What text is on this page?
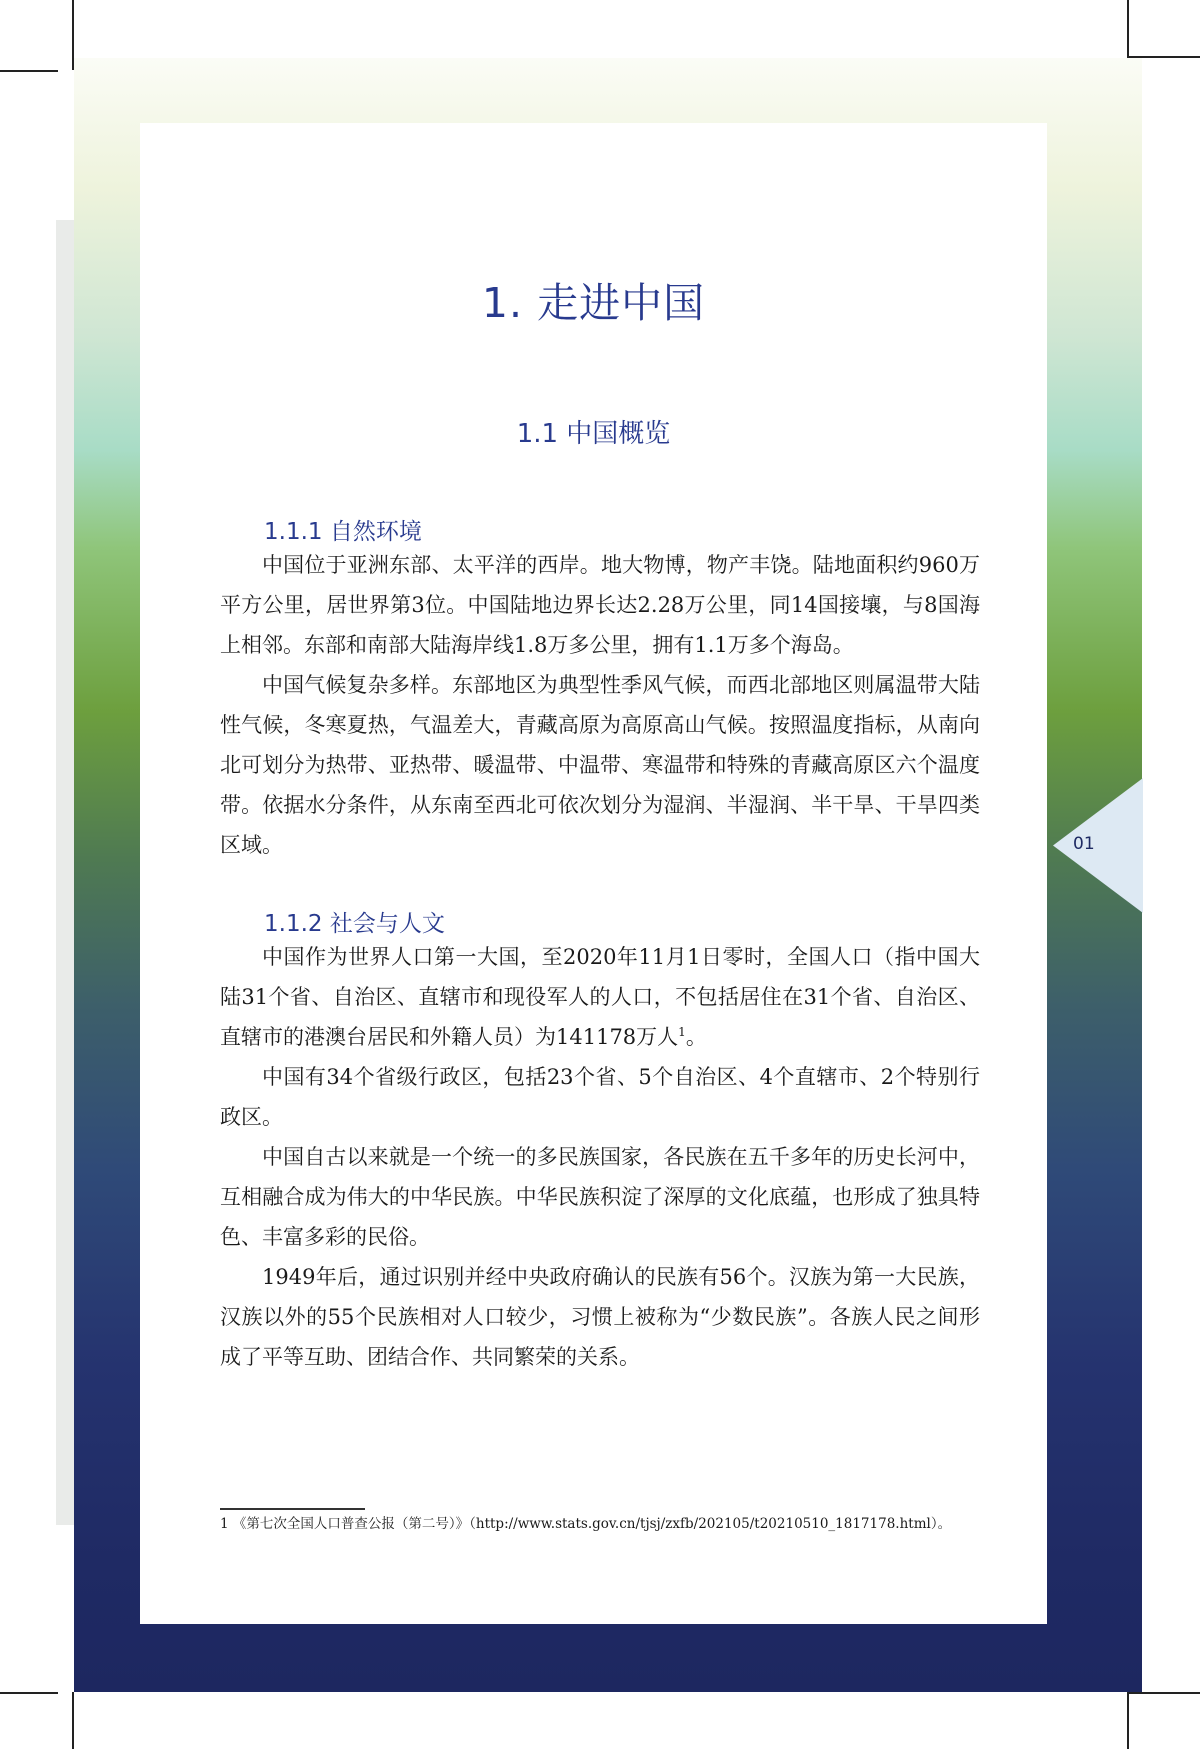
01
1. 走进中国
1.1 中国概览
1.1.1 自然环境

中国位于亚洲东部、太平洋的西岸。地大物博，物产丰饶。陆地面积约960万平方公里，居世界第3位。中国陆地边界长达2.28万公里，同14国接壤，与8国海上相邻。东部和南部大陆海岸线1.8万多公里，拥有1.1万多个海岛。

中国气候复杂多样。东部地区为典型性季风气候，而西北部地区则属温带大陆性气候，冬寒夏热，气温差大，青藏高原为高原高山气候。按照温度指标，从南向北可划分为热带、亚热带、暖温带、中温带、寒温带和特殊的青藏高原区六个温度带。依据水分条件，从东南至西北可依次划分为湿润、半湿润、半干旱、干旱四类区域。

1.1.2 社会与人文

中国作为世界人口第一大国，至2020年11月1日零时，全国人口（指中国大陆31个省、自治区、直辖市和现役军人的人口，不包括居住在31个省、自治区、直辖市的港澳台居民和外籍人员）为141178万人$^1$。

中国有34个省级行政区，包括23个省、5个自治区、4个直辖市、2个特别行政区。

中国自古以来就是一个统一的多民族国家，各民族在五千多年的历史长河中，互相融合成为伟大的中华民族。中华民族积淀了深厚的文化底蕴，也形成了独具特色、丰富多彩的民俗。

1949年后，通过识别并经中央政府确认的民族有56个。汉族为第一大民族，汉族以外的55个民族相对人口较少，习惯上被称为“少数民族”。各族人民之间形成了平等互助、团结合作、共同繁荣的关系。

1 《第七次全国人口普查公报（第二号）》（http://www.stats.gov.cn/tjsj/zxfb/202105/t20210510_1817178.html）。
